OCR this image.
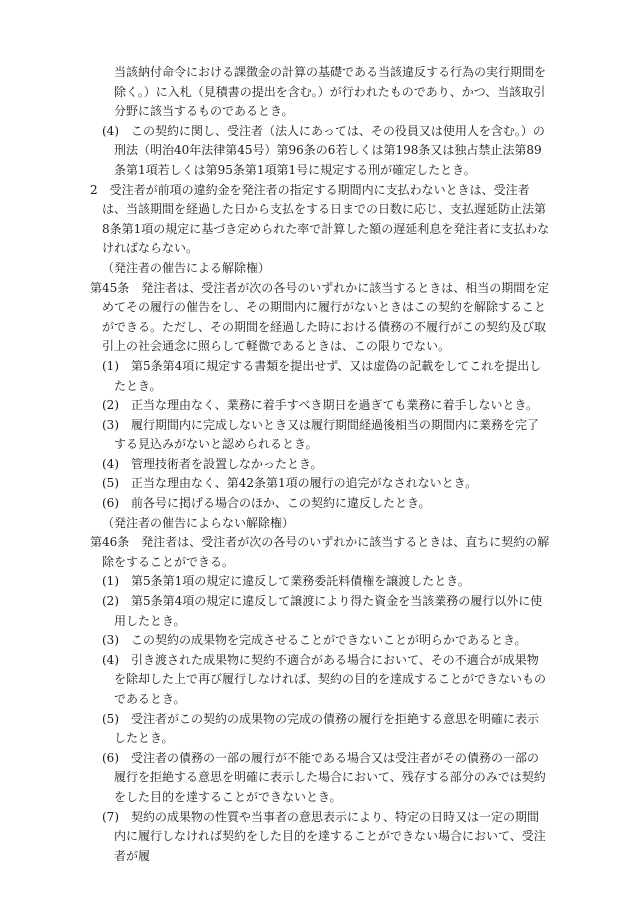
当該納付命令における課徴金の計算の基礎である当該違反する行為の実行期間を除く。）に入札（見積書の提出を含む。）が行われたものであり、かつ、当該取引分野に該当するものであるとき。

(4)　この契約に関し、受注者（法人にあっては、その役員又は使用人を含む。）の刑法（明治40年法律第45号）第96条の6若しくは第198条又は独占禁止法第89条第1項若しくは第95条第1項第1号に規定する刑が確定したとき。

2　受注者が前項の違約金を発注者の指定する期間内に支払わないときは、受注者は、当該期間を経過した日から支払をする日までの日数に応じ、支払遅延防止法第8条第1項の規定に基づき定められた率で計算した額の遅延利息を発注者に支払わなければならない。

（発注者の催告による解除権）

第45条　発注者は、受注者が次の各号のいずれかに該当するときは、相当の期間を定めてその履行の催告をし、その期間内に履行がないときはこの契約を解除することができる。ただし、その期間を経過した時における債務の不履行がこの契約及び取引上の社会通念に照らして軽微であるときは、この限りでない。

(1)　第5条第4項に規定する書類を提出せず、又は虚偽の記載をしてこれを提出したとき。

(2)　正当な理由なく、業務に着手すべき期日を過ぎても業務に着手しないとき。

(3)　履行期間内に完成しないとき又は履行期間経過後相当の期間内に業務を完了する見込みがないと認められるとき。

(4)　管理技術者を設置しなかったとき。

(5)　正当な理由なく、第42条第1項の履行の追完がなされないとき。

(6)　前各号に掲げる場合のほか、この契約に違反したとき。

（発注者の催告によらない解除権）

第46条　発注者は、受注者が次の各号のいずれかに該当するときは、直ちに契約の解除をすることができる。

(1)　第5条第1項の規定に違反して業務委託料債権を譲渡したとき。

(2)　第5条第4項の規定に違反して譲渡により得た資金を当該業務の履行以外に使用したとき。

(3)　この契約の成果物を完成させることができないことが明らかであるとき。

(4)　引き渡された成果物に契約不適合がある場合において、その不適合が成果物を除却した上で再び履行しなければ、契約の目的を達成することができないものであるとき。

(5)　受注者がこの契約の成果物の完成の債務の履行を拒絶する意思を明確に表示したとき。

(6)　受注者の債務の一部の履行が不能である場合又は受注者がその債務の一部の履行を拒絶する意思を明確に表示した場合において、残存する部分のみでは契約をした目的を達することができないとき。

(7)　契約の成果物の性質や当事者の意思表示により、特定の日時又は一定の期間内に履行しなければ契約をした目的を達することができない場合において、受注者が履
